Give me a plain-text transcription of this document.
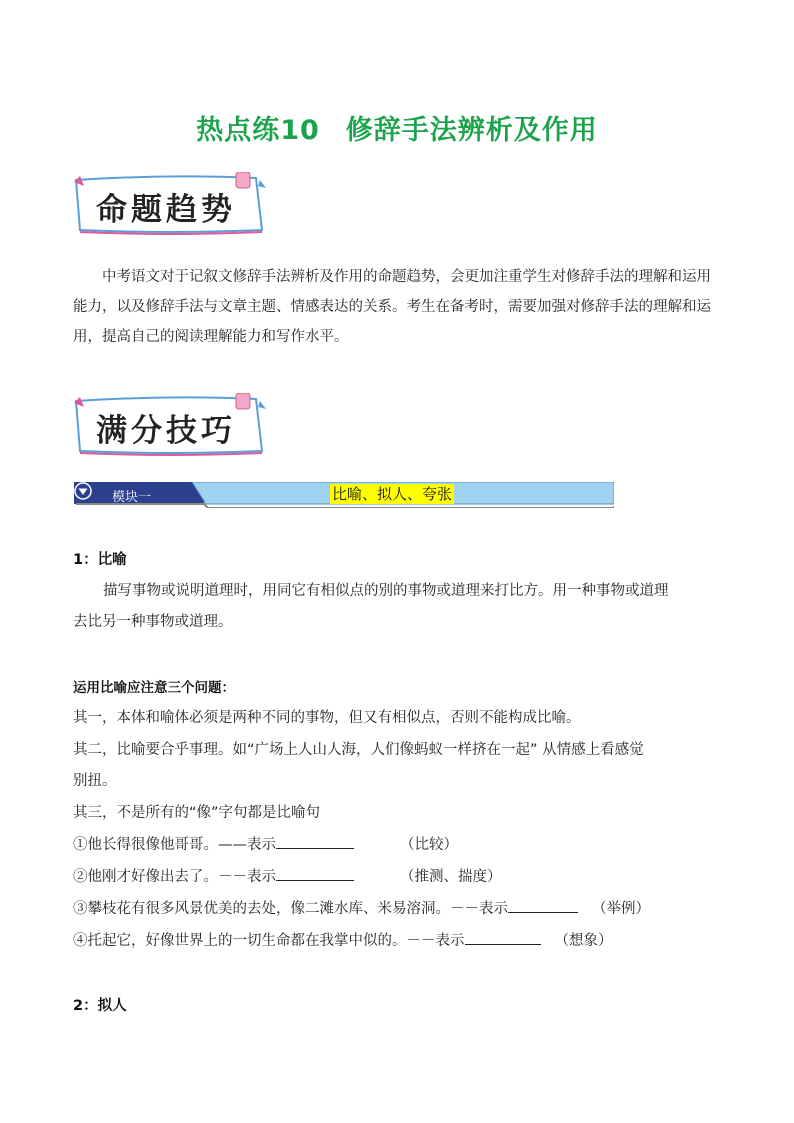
热点练10 修辞手法辨析及作用
命题趋势

中考语文对于记叙文修辞手法辨析及作用的命题趋势，会更加注重学生对修辞手法的理解和运用能力，以及修辞手法与文章主题、情感表达的关系。考生在备考时，需要加强对修辞手法的理解和运用，提高自己的阅读理解能力和写作水平。

满分技巧
模块一	比喻、拟人、夸张
1：比喻
描写事物或说明道理时，用同它有相似点的别的事物或道理来打比方。用一种事物或道理
去比另一种事物或道理。
运用比喻应注意三个问题：
其一，本体和喻体必须是两种不同的事物，但又有相似点，否则不能构成比喻。
其二，比喻要合乎事理。如“广场上人山人海，人们像蚂蚁一样挤在一起” 从情感上看感觉
别扭。
其三，不是所有的“像”字句都是比喻句
①他长得很像他哥哥。——表示	（比较）
②他刚才好像出去了。－－表示	（推测、揣度）
③攀枝花有很多风景优美的去处，像二滩水库、米易溶洞。－－表示	（举例）
④托起它，好像世界上的一切生命都在我掌中似的。－－表示	（想象）
2：拟人
